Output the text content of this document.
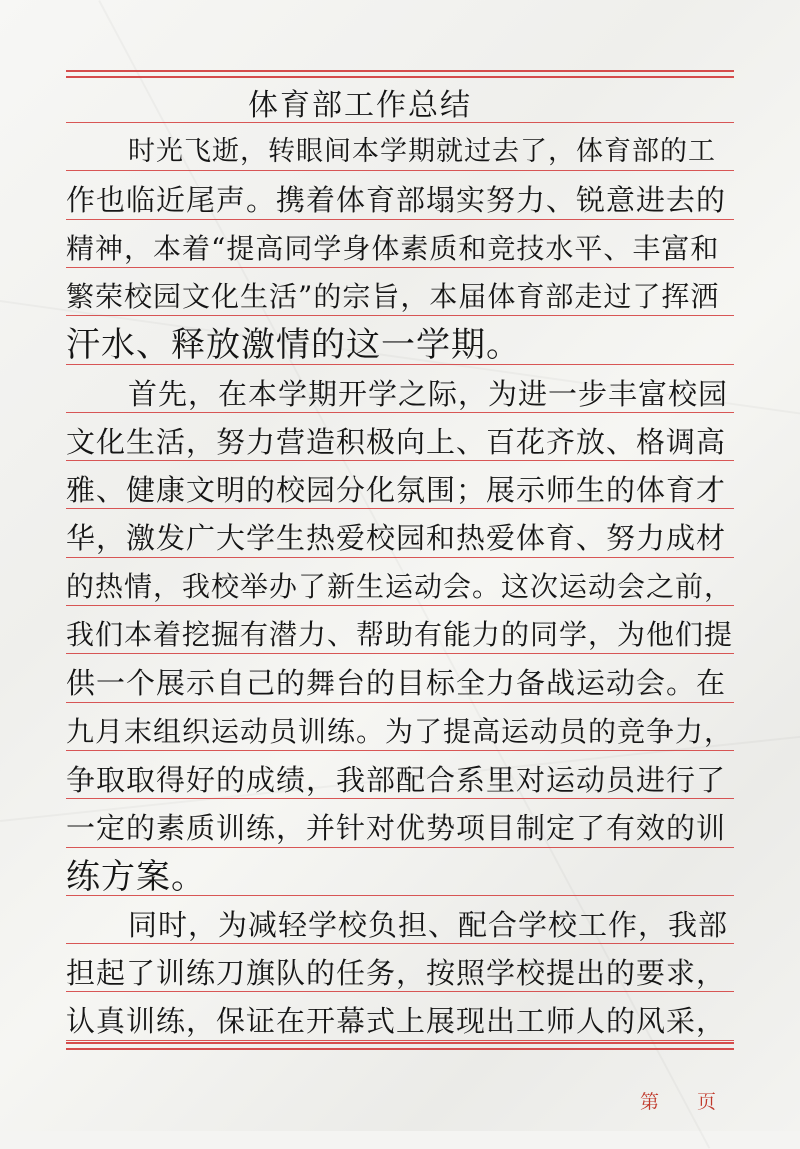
体育部工作总结
时光飞逝，转眼间本学期就过去了，体育部的工
作也临近尾声。携着体育部塌实努力、锐意进去的
精神，本着“提高同学身体素质和竞技水平、丰富和
繁荣校园文化生活”的宗旨，本届体育部走过了挥洒
汗水、释放激情的这一学期。
首先，在本学期开学之际，为进一步丰富校园
文化生活，努力营造积极向上、百花齐放、格调高
雅、健康文明的校园分化氛围；展示师生的体育才
华，激发广大学生热爱校园和热爱体育、努力成材
的热情，我校举办了新生运动会。这次运动会之前，
我们本着挖掘有潜力、帮助有能力的同学，为他们提
供一个展示自己的舞台的目标全力备战运动会。在
九月末组织运动员训练。为了提高运动员的竞争力，
争取取得好的成绩，我部配合系里对运动员进行了
一定的素质训练，并针对优势项目制定了有效的训
练方案。
同时，为减轻学校负担、配合学校工作，我部
担起了训练刀旗队的任务，按照学校提出的要求，
认真训练，保证在开幕式上展现出工师人的风采，
第 页
